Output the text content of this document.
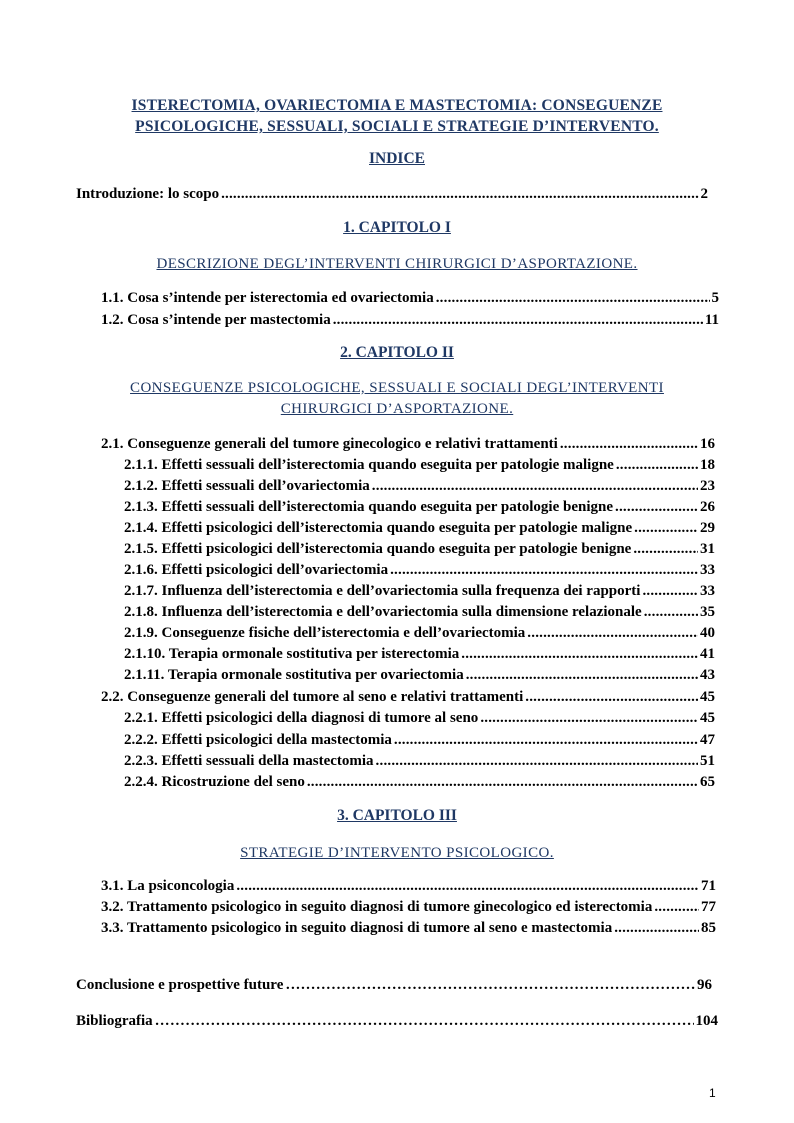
ISTERECTOMIA, OVARIECTOMIA E MASTECTOMIA: CONSEGUENZE
PSICOLOGICHE, SESSUALI, SOCIALI E STRATEGIE D’INTERVENTO.
INDICE
Introduzione: lo scopo .....	2
1. CAPITOLO I
DESCRIZIONE DEGL’INTERVENTI CHIRURGICI D’ASPORTAZIONE.
1.1. Cosa s’intende per isterectomia ed ovariectomia .....	5
1.2. Cosa s’intende per mastectomia .....	11
2. CAPITOLO II
CONSEGUENZE PSICOLOGICHE, SESSUALI E SOCIALI DEGL’INTERVENTI
CHIRURGICI D’ASPORTAZIONE.
2.1. Conseguenze generali del tumore ginecologico e relativi trattamenti .....	16
2.1.1. Effetti sessuali dell’isterectomia quando eseguita per patologie maligne .....	18
2.1.2. Effetti sessuali dell’ovariectomia .....	23
2.1.3. Effetti sessuali dell’isterectomia quando eseguita per patologie benigne .....	26
2.1.4. Effetti psicologici dell’isterectomia quando eseguita per patologie maligne .....	29
2.1.5. Effetti psicologici dell’isterectomia quando eseguita per patologie benigne .....	31
2.1.6. Effetti psicologici dell’ovariectomia .....	33
2.1.7. Influenza dell’isterectomia e dell’ovariectomia sulla frequenza dei rapporti .....	33
2.1.8. Influenza dell’isterectomia e dell’ovariectomia sulla dimensione relazionale .....	35
2.1.9. Conseguenze fisiche dell’isterectomia e dell’ovariectomia .....	40
2.1.10. Terapia ormonale sostitutiva per isterectomia .....	41
2.1.11. Terapia ormonale sostitutiva per ovariectomia .....	43
2.2. Conseguenze generali del tumore al seno e relativi trattamenti .....	45
2.2.1. Effetti psicologici della diagnosi di tumore al seno .....	45
2.2.2. Effetti psicologici della mastectomia .....	47
2.2.3. Effetti sessuali della mastectomia .....	51
2.2.4. Ricostruzione del seno .....	65
3. CAPITOLO III
STRATEGIE D’INTERVENTO PSICOLOGICO.
3.1. La psiconcologia .....	71
3.2. Trattamento psicologico in seguito diagnosi di tumore ginecologico ed isterectomia .....	77
3.3. Trattamento psicologico in seguito diagnosi di tumore al seno e mastectomia .....	85
Conclusione e prospettive future …………………………………………………………………………………………………………………………………………………………	96
Bibliografia …………………………………………………………………………………………………………………………………………………………	104
1
